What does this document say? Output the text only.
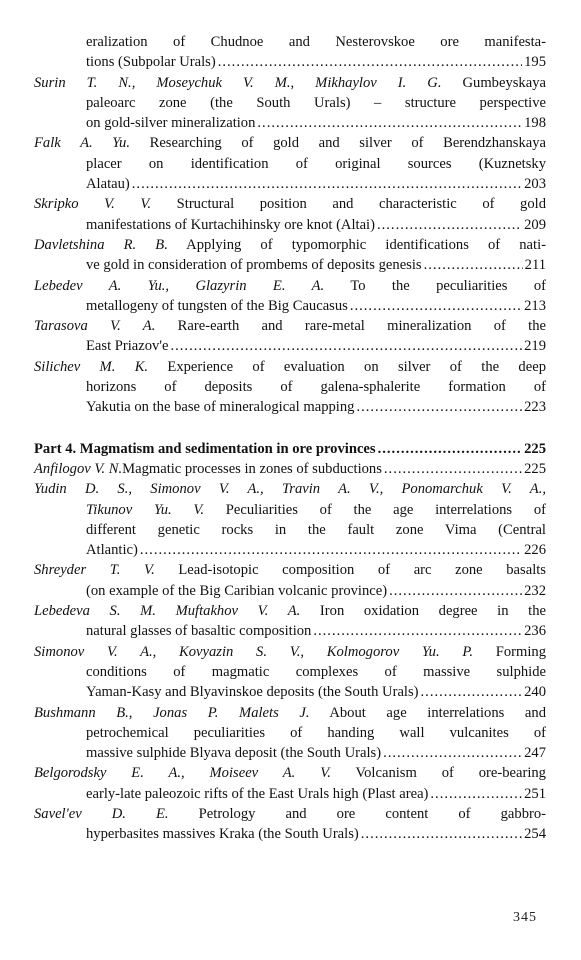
eralization of Chudnoe and Nesterovskoe ore manifesta-
tions (Subpolar Urals) .....	195
Surin T. N., Moseychuk V. M., Mikhaylov I. G. Gumbeyskaya
paleoarc zone (the South Urals) – structure perspective
on gold-silver mineralization .....	198
Falk A. Yu. Researching of gold and silver of Berendzhanskaya
placer on identification of original sources (Kuznetsky
Alatau) .....	203
Skripko V. V. Structural position and characteristic of gold
manifestations of Kurtachihinsky ore knot (Altai) .....	209
Davletshina R. B. Applying of typomorphic identifications of nati-
ve gold in consideration of prombems of deposits genesis .....	211
Lebedev A. Yu., Glazyrin E. A. To the peculiarities of
metallogeny of tungsten of the Big Caucasus .....	213
Tarasova V. A. Rare-earth and rare-metal mineralization of the
East Priazov'e .....	219
Silichev M. K. Experience of evaluation on silver of the deep
horizons of deposits of galena-sphalerite formation of
Yakutia on the base of mineralogical mapping .....	223
Part 4. Magmatism and sedimentation in ore provinces .....	225
Anfilogov V. N. Magmatic processes in zones of subductions .....	225
Yudin D. S., Simonov V. A., Travin A. V., Ponomarchuk V. A.,
Tikunov Yu. V. Peculiarities of the age interrelations of
different genetic rocks in the fault zone Vima (Central
Atlantic) .....	226
Shreyder T. V. Lead-isotopic composition of arc zone basalts
(on example of the Big Caribian volcanic province) .....	232
Lebedeva S. M. Muftakhov V. A. Iron oxidation degree in the
natural glasses of basaltic composition .....	236
Simonov V. A., Kovyazin S. V., Kolmogorov Yu. P. Forming
conditions of magmatic complexes of massive sulphide
Yaman-Kasy and Blyavinskoe deposits (the South Urals) .....	240
Bushmann B., Jonas P. Malets J. About age interrelations and
petrochemical peculiarities of handing wall vulcanites of
massive sulphide Blyava deposit (the South Urals) .....	247
Belgorodsky E. A., Moiseev A. V. Volcanism of ore-bearing
early-late paleozoic rifts of the East Urals high (Plast area) .....	251
Savel'ev D. E. Petrology and ore content of gabbro-
hyperbasites massives Kraka (the South Urals) .....	254
345
